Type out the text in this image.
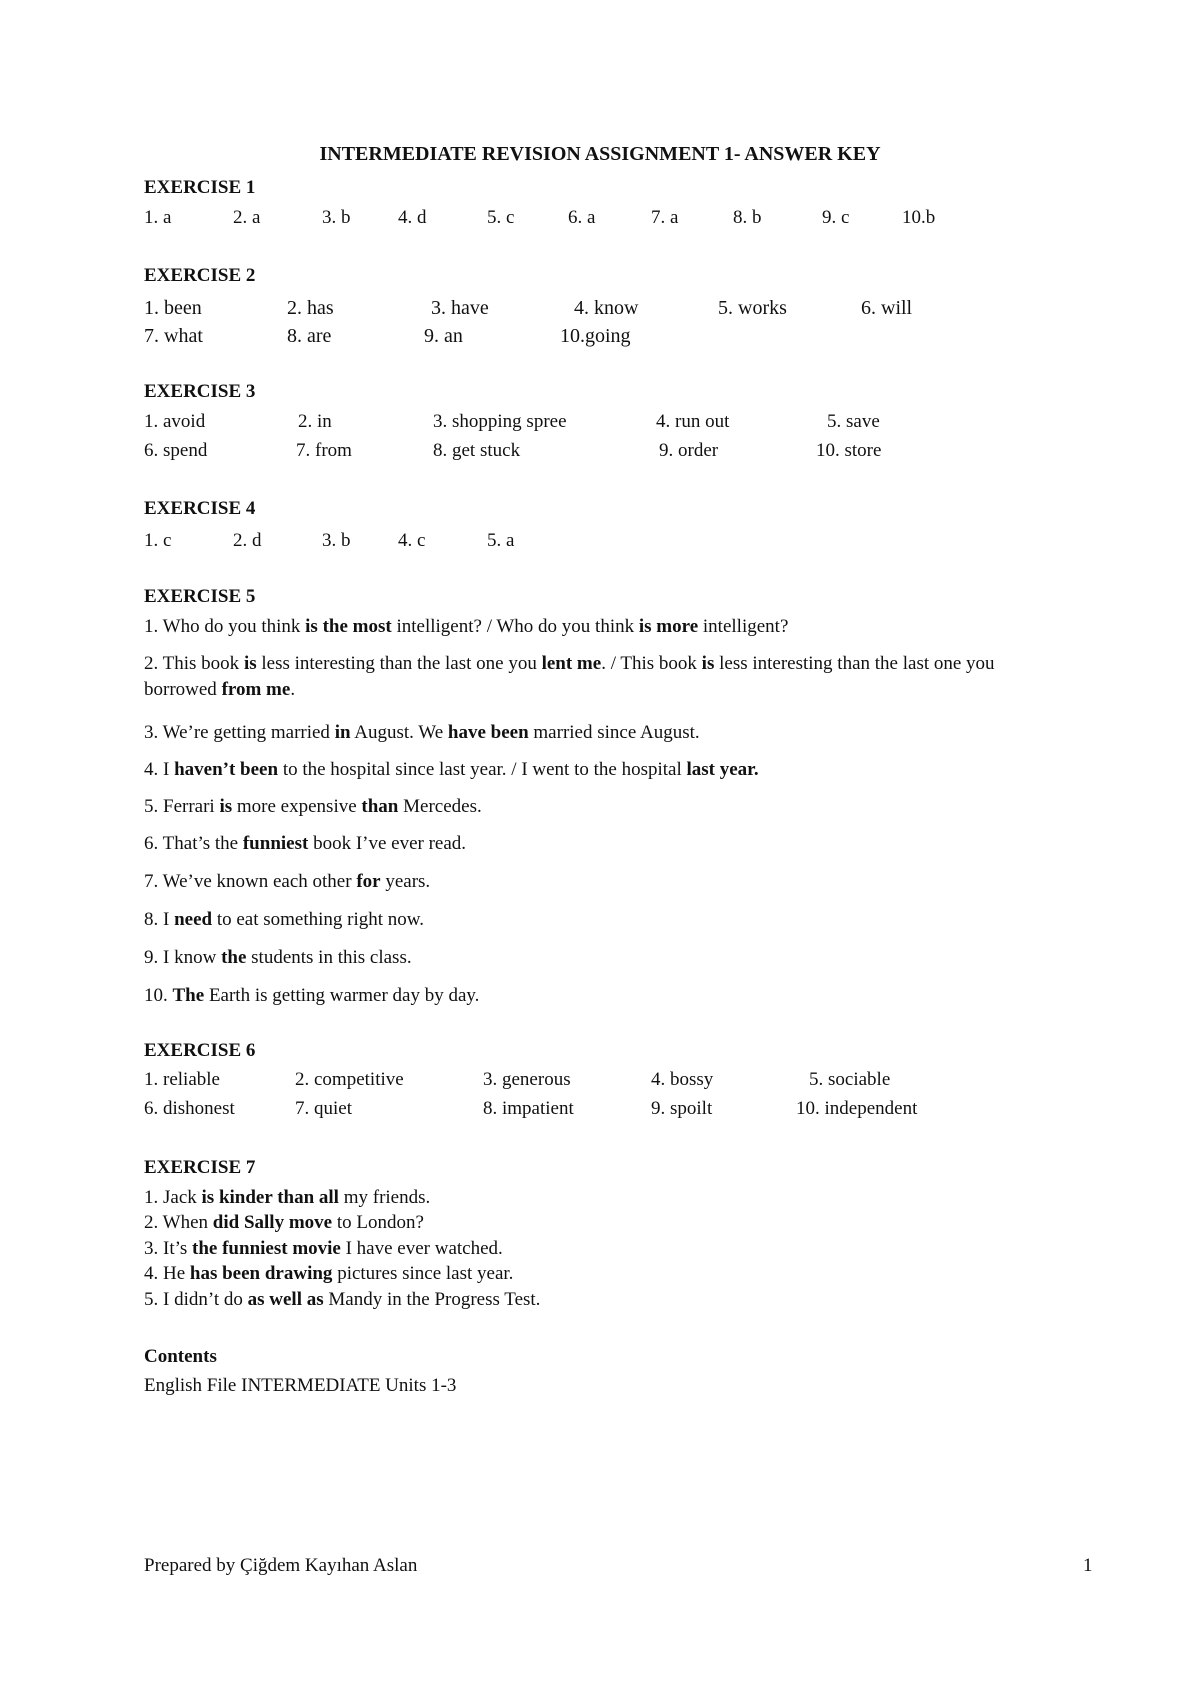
INTERMEDIATE REVISION ASSIGNMENT 1- ANSWER KEY
EXERCISE 1
1. a	2. a	3. b	4. d	5. c	6. a	7. a	8. b	9. c	10.b
EXERCISE 2
1. been	2. has	3. have	4. know	5. works	6. will
7. what	8. are	9. an	10.going
EXERCISE 3
1. avoid	2. in	3. shopping spree	4. run out	5. save
6. spend	7. from	8. get stuck	9. order	10. store
EXERCISE 4
1. c	2. d	3. b	4. c	5. a
EXERCISE 5
1. Who do you think is the most intelligent? / Who do you think is more intelligent?
2. This book is less interesting than the last one you lent me. / This book is less interesting than the last one you borrowed from me.
3. We’re getting married in August. We have been married since August.
4. I haven’t been to the hospital since last year. / I went to the hospital last year.
5. Ferrari is more expensive than Mercedes.
6. That’s the funniest book I’ve ever read.
7. We’ve known each other for years.
8. I need to eat something right now.
9. I know the students in this class.
10. The Earth is getting warmer day by day.
EXERCISE 6
1. reliable	2. competitive	3. generous	4. bossy	5. sociable
6. dishonest	7. quiet	8. impatient	9. spoilt	10. independent
EXERCISE 7
1. Jack is kinder than all my friends.
2. When did Sally move to London?
3. It’s the funniest movie I have ever watched.
4. He has been drawing pictures since last year.
5. I didn’t do as well as Mandy in the Progress Test.
Contents
English File INTERMEDIATE Units 1-3
Prepared by Çiğdem Kayıhan Aslan	1
